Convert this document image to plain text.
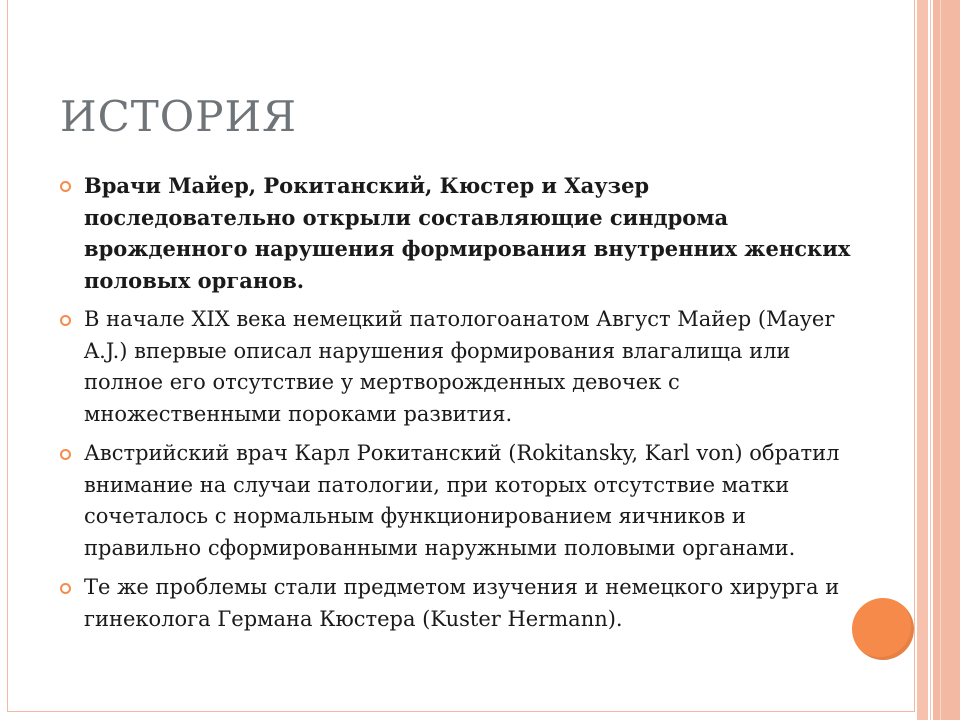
ИСТОРИЯ
Врачи Майер, Рокитанский, Кюстер и Хаузер последовательно открыли составляющие синдрома врожденного нарушения формирования внутренних женских половых органов.
В начале XIX века немецкий патологоанатом Август Майер (Mayer A.J.) впервые описал нарушения формирования влагалища или полное его отсутствие у мертворожденных девочек с множественными пороками развития.
Австрийский врач Карл Рокитанский (Rokitansky, Karl von) обратил внимание на случаи патологии, при которых отсутствие матки сочеталось с нормальным функционированием яичников и правильно сформированными наружными половыми органами.
Те же проблемы стали предметом изучения и немецкого хирурга и гинеколога Германа Кюстера (Kuster Hermann).
